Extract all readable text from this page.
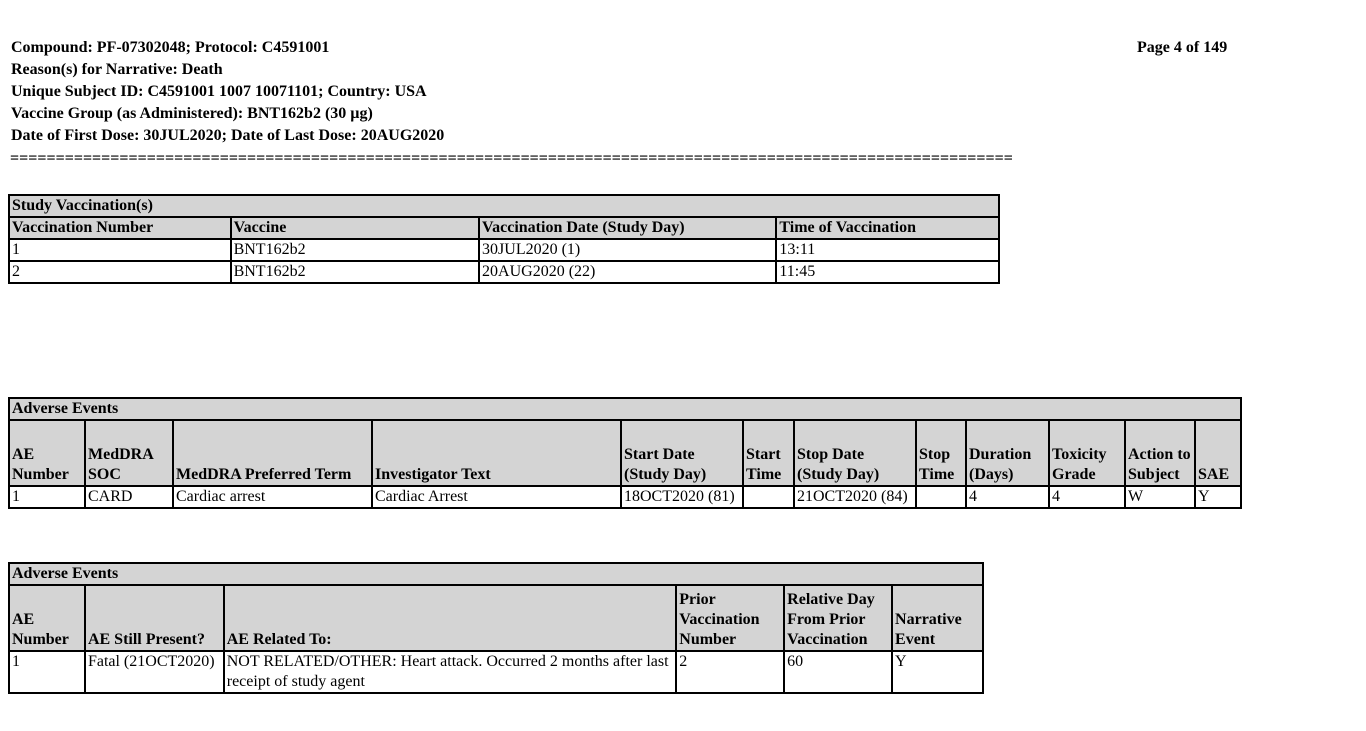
Compound: PF-07302048; Protocol: C4591001
Reason(s) for Narrative: Death
Unique Subject ID: C4591001 1007 10071101; Country: USA
Vaccine Group (as Administered): BNT162b2 (30 µg)
Date of First Dose: 30JUL2020; Date of Last Dose: 20AUG2020
Page 4 of 149
==============================================================================================================
Study Vaccination(s)			
Vaccination Number	Vaccine	Vaccination Date (Study Day)	Time of Vaccination
1	BNT162b2	30JUL2020 (1)	13:11
2	BNT162b2	20AUG2020 (22)	11:45
Adverse Events											
AE Number	MedDRA SOC	MedDRA Preferred Term	Investigator Text	Start Date (Study Day)	Start Time	Stop Date (Study Day)	Stop Time	Duration (Days)	Toxicity Grade	Action to Subject	SAE
1	CARD	Cardiac arrest	Cardiac Arrest	18OCT2020 (81)		21OCT2020 (84)		4	4	W	Y
Adverse Events					
AE Number	AE Still Present?	AE Related To:	Prior Vaccination Number	Relative Day From Prior Vaccination	Narrative Event
1	Fatal (21OCT2020)	NOT RELATED/OTHER: Heart attack. Occurred 2 months after last receipt of study agent	2	60	Y
